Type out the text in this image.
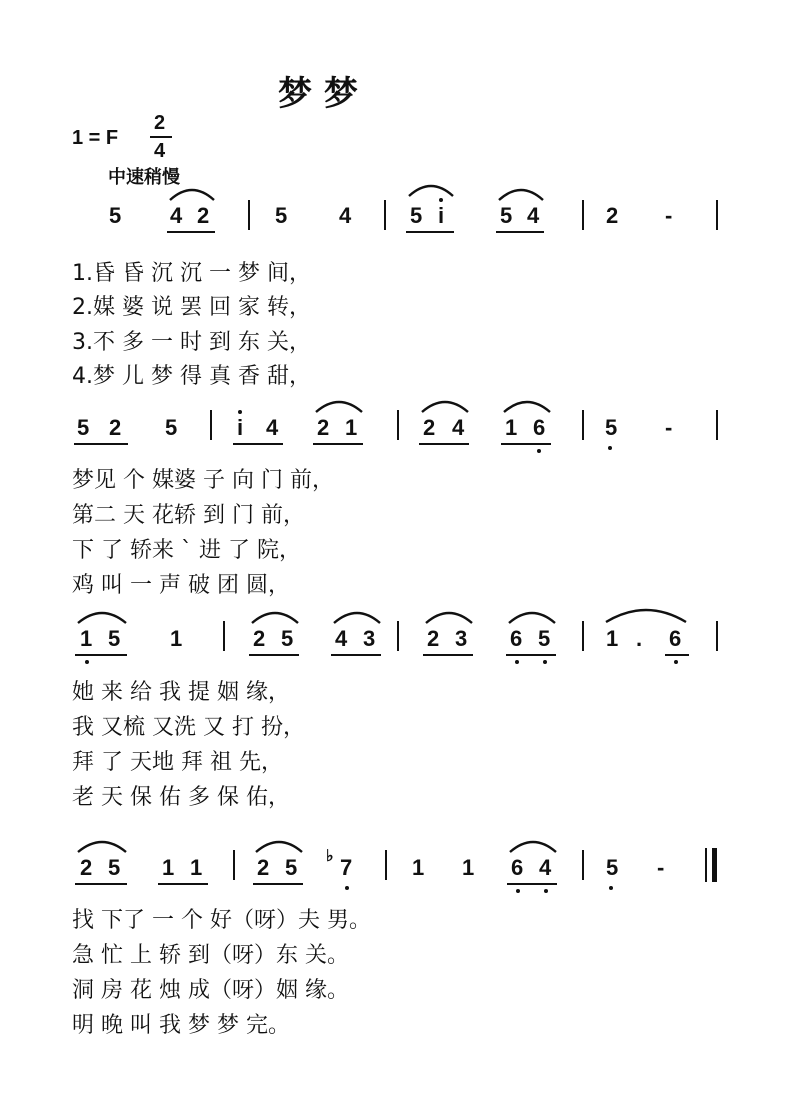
梦 梦
1 = F
2
4
中速稍慢
5 4 2	5 4	5 i	5 4	2 -
1.昏 昏 沉 沉 一 梦 间，
2.媒 婆 说 罢 回 家 转，
3.不 多 一 时 到 东 关，
4.梦 儿 梦 得 真 香 甜，
5 2 5	i 4 2 1	2 4 1 6	5 -
梦见 个 媒婆 子 向 门 前，
第二 天 花轿 到 门 前，
下 了 轿来 ˋ 进 了 院，
鸡 叫 一 声 破 团 圆，
1 5 1	2 5 4 3 2 3 6 5	1 . 6
她 来 给 我 提 姻 缘，
我 又梳 又洗 又 打 扮，
拜 了 天地 拜 祖 先，
老 天 保 佑 多 保 佑，
2 5 1 1 2 5 ♭ 7	1 1 6 4 5 -
找 下了 一 个 好（呀）夫 男。
急 忙 上 轿 到（呀）东 关。
洞 房 花 烛 成（呀）姻 缘。
明 晚 叫 我 梦 梦 完。
